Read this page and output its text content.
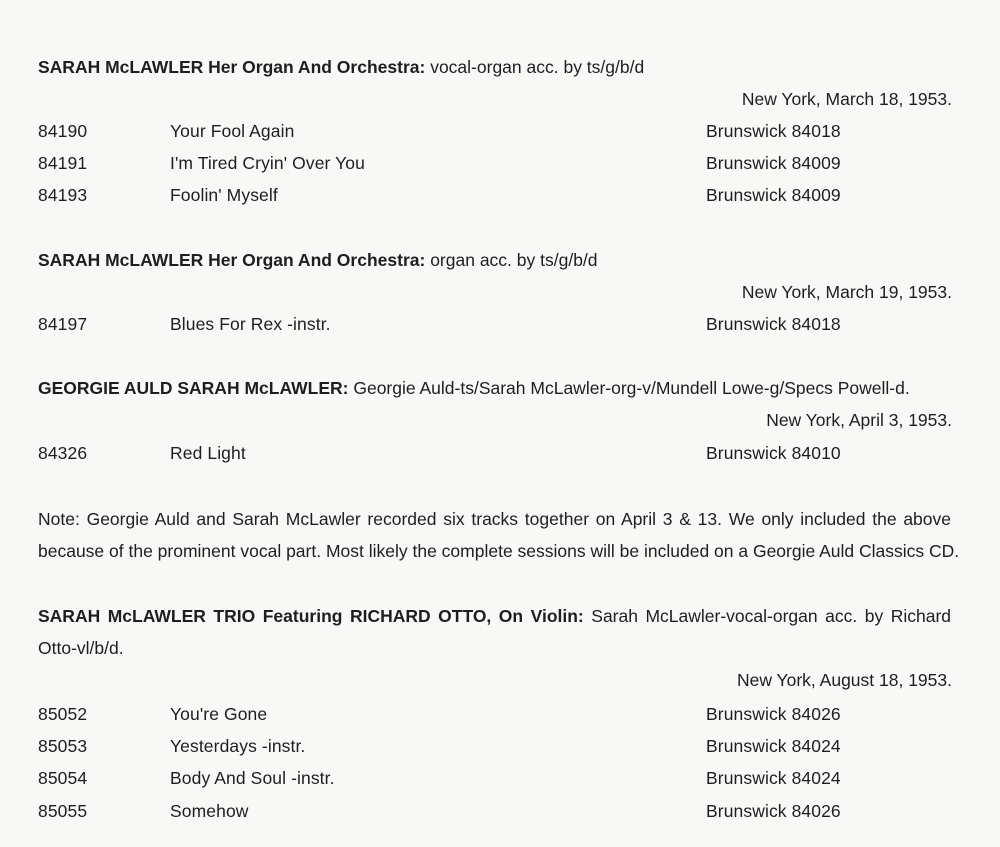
SARAH McLAWLER Her Organ And Orchestra: vocal-organ acc. by ts/g/b/d
New York, March 18, 1953.
84190	Your Fool Again	Brunswick 84018
84191	I'm Tired Cryin' Over You	Brunswick 84009
84193	Foolin' Myself	Brunswick 84009
SARAH McLAWLER Her Organ And Orchestra: organ acc. by ts/g/b/d
New York, March 19, 1953.
84197	Blues For Rex -instr.	Brunswick 84018
GEORGIE AULD SARAH McLAWLER: Georgie Auld-ts/Sarah McLawler-org-v/Mundell Lowe-g/Specs Powell-d.
New York, April 3, 1953.
84326	Red Light	Brunswick 84010
Note: Georgie Auld and Sarah McLawler recorded six tracks together on April 3 & 13. We only included the above
because of the prominent vocal part. Most likely the complete sessions will be included on a Georgie Auld Classics CD.
SARAH McLAWLER TRIO Featuring RICHARD OTTO, On Violin: Sarah McLawler-vocal-organ acc. by Richard
Otto-vl/b/d.
New York, August 18, 1953.
85052	You're Gone	Brunswick 84026
85053	Yesterdays -instr.	Brunswick 84024
85054	Body And Soul -instr.	Brunswick 84024
85055	Somehow	Brunswick 84026
